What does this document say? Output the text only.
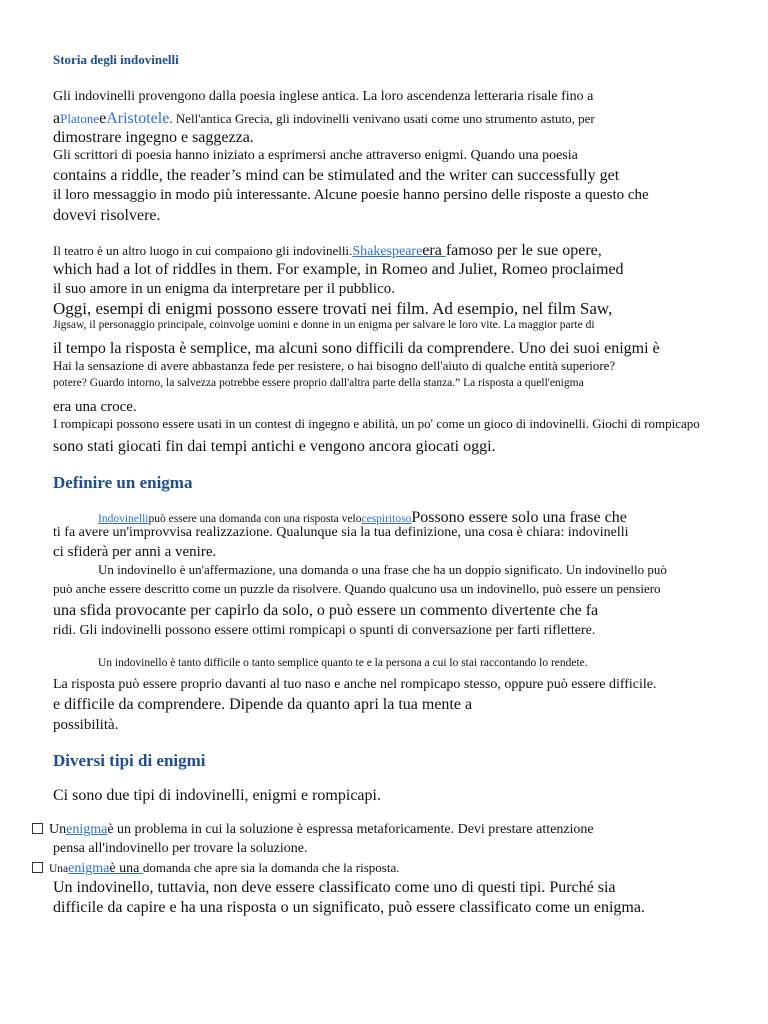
Storia degli indovinelli
Gli indovinelli provengono dalla poesia inglese antica. La loro ascendenza letteraria risale fino a
aPlatoneeAristotele. Nell'antica Grecia, gli indovinelli venivano usati come uno strumento astuto, per
dimostrare ingegno e saggezza.
Gli scrittori di poesia hanno iniziato a esprimersi anche attraverso enigmi. Quando una poesia
contains a riddle, the reader’s mind can be stimulated and the writer can successfully get
il loro messaggio in modo più interessante. Alcune poesie hanno persino delle risposte a questo che
dovevi risolvere.
Il teatro è un altro luogo in cui compaiono gli indovinelli.Shakespeareera famoso per le sue opere,
which had a lot of riddles in them. For example, in Romeo and Juliet, Romeo proclaimed
il suo amore in un enigma da interpretare per il pubblico.
Oggi, esempi di enigmi possono essere trovati nei film. Ad esempio, nel film Saw,
Jigsaw, il personaggio principale, coinvolge uomini e donne in un enigma per salvare le loro vite. La maggior parte di
il tempo la risposta è semplice, ma alcuni sono difficili da comprendere. Uno dei suoi enigmi è
Hai la sensazione di avere abbastanza fede per resistere, o hai bisogno dell'aiuto di qualche entità superiore?
potere? Guardo intorno, la salvezza potrebbe essere proprio dall'altra parte della stanza.” La risposta a quell'enigma
era una croce.
I rompicapi possono essere usati in un contest di ingegno e abilità, un po' come un gioco di indovinelli. Giochi di rompicapo
sono stati giocati fin dai tempi antichi e vengono ancora giocati oggi.
Definire un enigma
Indovinellipuò essere una domanda con una risposta velocespiritosoPossono essere solo una frase che
ti fa avere un'improvvisa realizzazione. Qualunque sia la tua definizione, una cosa è chiara: indovinelli
ci sfiderà per anni a venire.
Un indovinello è un'affermazione, una domanda o una frase che ha un doppio significato. Un indovinello può
può anche essere descritto come un puzzle da risolvere. Quando qualcuno usa un indovinello, può essere un pensiero
una sfida provocante per capirlo da solo, o può essere un commento divertente che fa
ridi. Gli indovinelli possono essere ottimi rompicapi o spunti di conversazione per farti riflettere.
Un indovinello è tanto difficile o tanto semplice quanto te e la persona a cui lo stai raccontando lo rendete.
La risposta può essere proprio davanti al tuo naso e anche nel rompicapo stesso, oppure può essere difficile.
e difficile da comprendere. Dipende da quanto apri la tua mente a
possibilità.
Diversi tipi di enigmi
Ci sono due tipi di indovinelli, enigmi e rompicapi.
Unenigmaè un problema in cui la soluzione è espressa metaforicamente. Devi prestare attenzione
pensa all'indovinello per trovare la soluzione.
Unaenigmaè una domanda che apre sia la domanda che la risposta.
Un indovinello, tuttavia, non deve essere classificato come uno di questi tipi. Purché sia
difficile da capire e ha una risposta o un significato, può essere classificato come un enigma.
